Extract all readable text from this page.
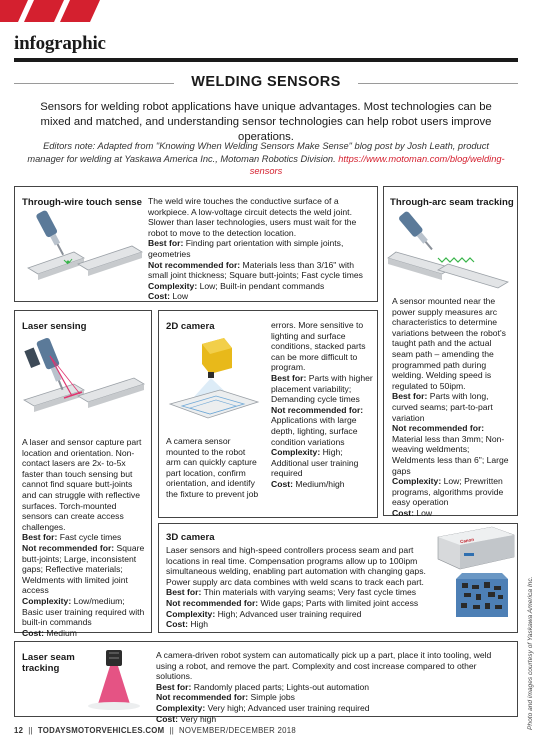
infographic
WELDING SENSORS
Sensors for welding robot applications have unique advantages. Most technologies can be mixed and matched, and understanding sensor technologies can help robot users improve operations.
Editors note: Adapted from "Knowing When Welding Sensors Make Sense" blog post by Josh Leath, product manager for welding at Yaskawa America Inc., Motoman Robotics Division. https://www.motoman.com/blog/welding-sensors
Through-wire touch sense The weld wire touches the conductive surface of a workpiece. A low-voltage circuit detects the weld joint. Slower than laser technologies, users must wait for the robot to move to the detection location.
Best for: Finding part orientation with simple joints, geometries
Not recommended for: Materials less than 3/16" with small joint thickness; Square butt-joints; Fast cycle times
Complexity: Low; Built-in pendant commands
Cost: Low
Through-arc seam tracking
A sensor mounted near the power supply measures arc characteristics to determine variations between the robot's taught path and the actual seam path – amending the programmed path during welding. Welding speed is regulated to 50ipm.
Best for: Parts with long, curved seams; part-to-part variation
Not recommended for: Material less than 3mm; Non-weaving weldments; Weldments less than 6"; Large gaps
Complexity: Low; Prewritten programs, algorithms provide easy operation
Cost: Low
Laser sensing
A laser and sensor capture part location and orientation. Non-contact lasers are 2x- to-5x faster than touch sensing but cannot find square butt-joints and can struggle with reflective surfaces. Torch-mounted sensors can create access challenges.
Best for: Fast cycle times
Not recommended for: Square butt-joints; Large, inconsistent gaps; Reflective materials; Weldments with limited joint access
Complexity: Low/medium; Basic user training required with built-in commands
Cost: Medium
2D camera
A camera sensor mounted to the robot arm can quickly capture part location, confirm orientation, and identify the fixture to prevent job
errors. More sensitive to lighting and surface conditions, stacked parts can be more difficult to program.
Best for: Parts with higher placement variability; Demanding cycle times
Not recommended for: Applications with large depth, lighting, surface condition variations
Complexity: High; Additional user training required
Cost: Medium/high
3D camera
Laser sensors and high-speed controllers process seam and part locations in real time. Compensation programs allow up to 100ipm simultaneous welding, enabling part automation with changing gaps. Power supply arc data combines with weld scans to track each part.
Best for: Thin materials with varying seams; Very fast cycle times
Not recommended for: Wide gaps; Parts with limited joint access
Complexity: High; Advanced user training required
Cost: High
Canon
Laser seam tracking
A camera-driven robot system can automatically pick up a part, place it into tooling, weld using a robot, and remove the part. Complexity and cost increase compared to other solutions.
Best for: Randomly placed parts; Lights-out automation
Not recommended for: Simple jobs
Complexity: Very high; Advanced user training required
Cost: Very high	Photo and images courtesy of Yaskawa America Inc.
12  ||  TODAYSMOTORVEHICLES.COM  ||  NOVEMBER/DECEMBER 2018
